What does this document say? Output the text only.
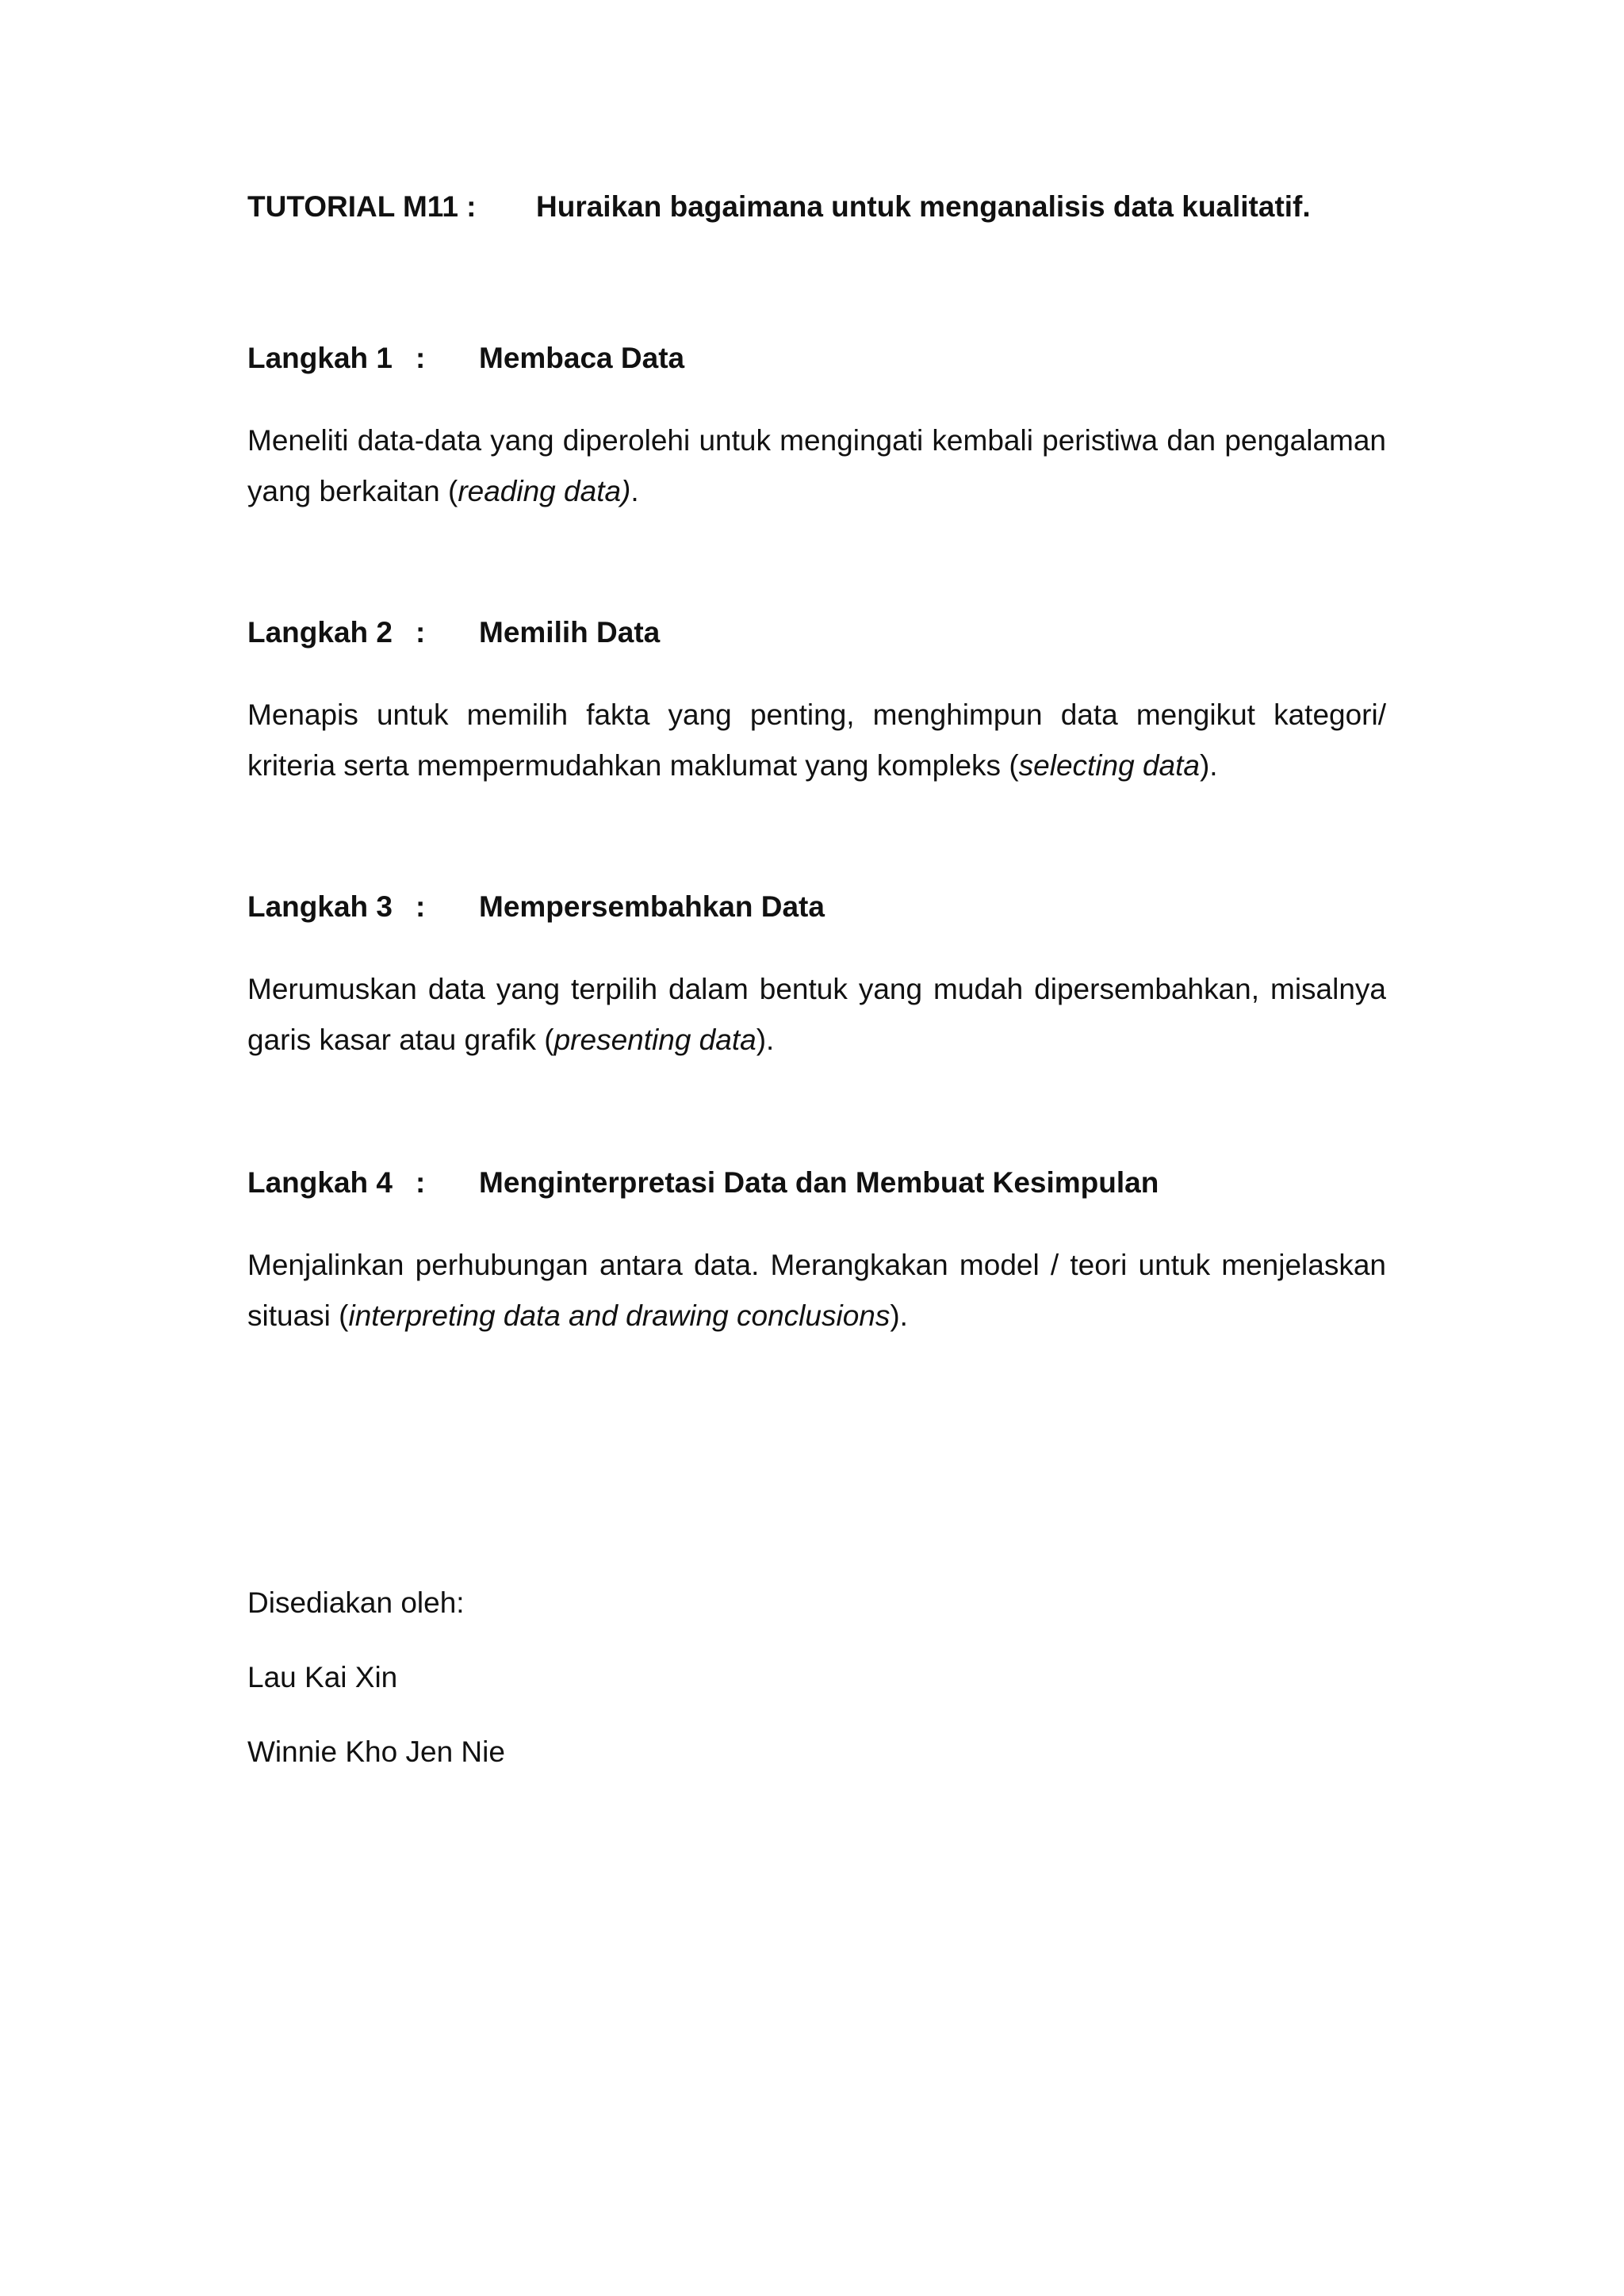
TUTORIAL M11 : Huraikan bagaimana untuk menganalisis data kualitatif.
Langkah 1 : Membaca Data
Meneliti data-data yang diperolehi untuk mengingati kembali peristiwa dan pengalaman yang berkaitan (reading data).
Langkah 2 : Memilih Data
Menapis untuk memilih fakta yang penting, menghimpun data mengikut kategori/ kriteria serta mempermudahkan maklumat yang kompleks (selecting data).
Langkah 3 : Mempersembahkan Data
Merumuskan data yang terpilih dalam bentuk yang mudah dipersembahkan, misalnya garis kasar atau grafik (presenting data).
Langkah 4 : Menginterpretasi Data dan Membuat Kesimpulan
Menjalinkan perhubungan antara data. Merangkakan model / teori untuk menjelaskan situasi (interpreting data and drawing conclusions).
Disediakan oleh:
Lau Kai Xin
Winnie Kho Jen Nie
